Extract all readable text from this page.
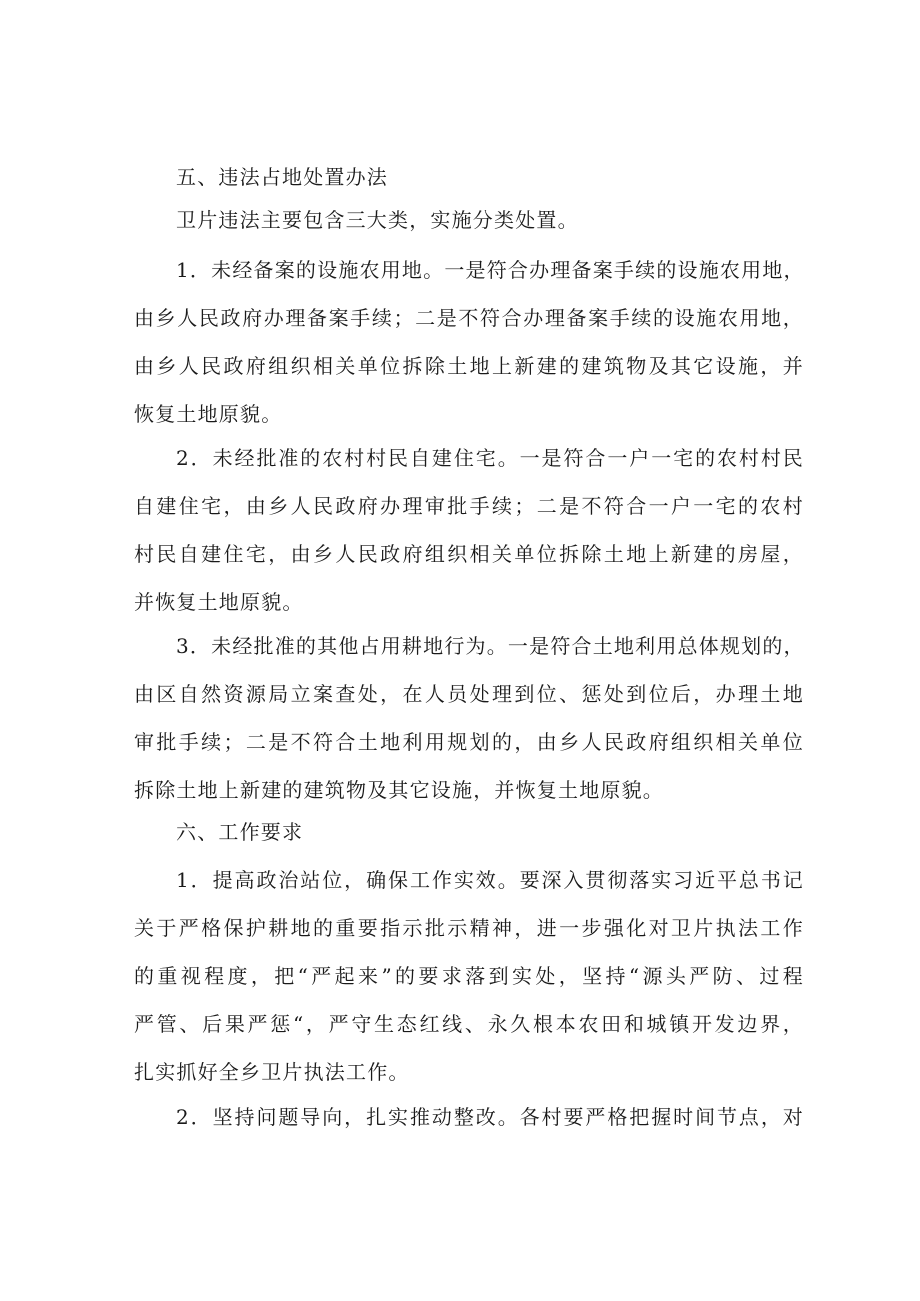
五、违法占地处置办法
卫片违法主要包含三大类，实施分类处置。
1．未经备案的设施农用地。一是符合办理备案手续的设施农用地，
由乡人民政府办理备案手续；二是不符合办理备案手续的设施农用地，
由乡人民政府组织相关单位拆除土地上新建的建筑物及其它设施，并
恢复土地原貌。
2．未经批准的农村村民自建住宅。一是符合一户一宅的农村村民
自建住宅，由乡人民政府办理审批手续；二是不符合一户一宅的农村
村民自建住宅，由乡人民政府组织相关单位拆除土地上新建的房屋，
并恢复土地原貌。
3．未经批准的其他占用耕地行为。一是符合土地利用总体规划的，
由区自然资源局立案查处，在人员处理到位、惩处到位后，办理土地
审批手续；二是不符合土地利用规划的，由乡人民政府组织相关单位
拆除土地上新建的建筑物及其它设施，并恢复土地原貌。
六、工作要求
1．提高政治站位，确保工作实效。要深入贯彻落实习近平总书记
关于严格保护耕地的重要指示批示精神，进一步强化对卫片执法工作
的重视程度，把“严起来”的要求落到实处，坚持“源头严防、过程
严管、后果严惩“，严守生态红线、永久根本农田和城镇开发边界，
扎实抓好全乡卫片执法工作。
2．坚持问题导向，扎实推动整改。各村要严格把握时间节点，对
